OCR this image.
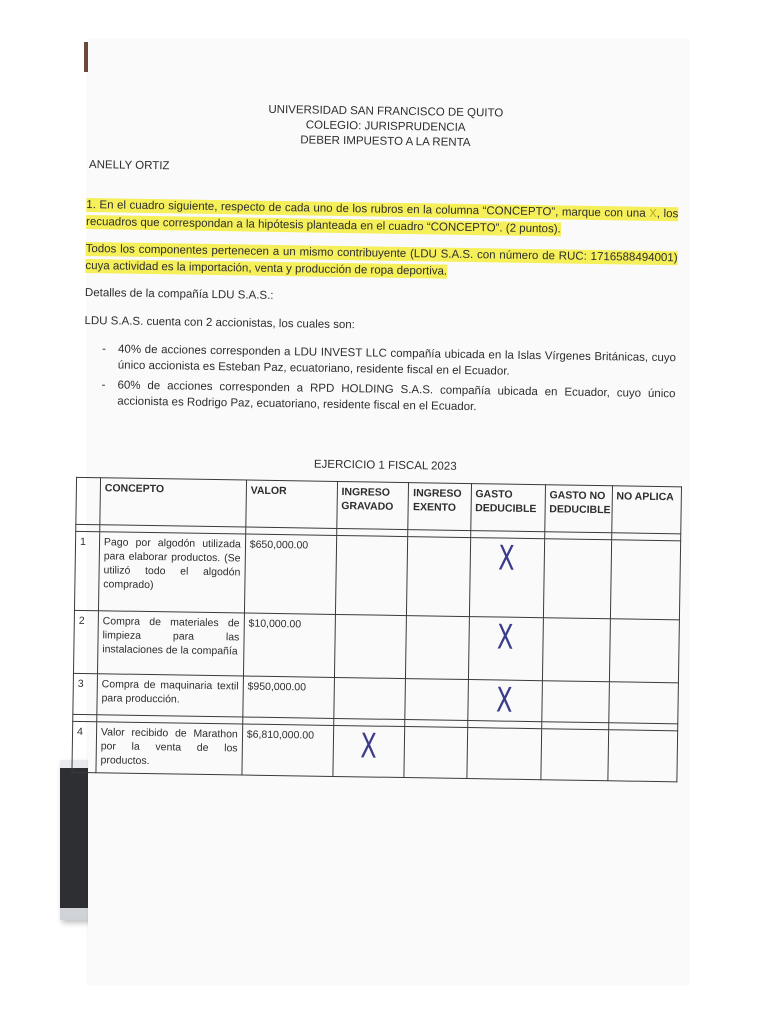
UNIVERSIDAD SAN FRANCISCO DE QUITO
COLEGIO: JURISPRUDENCIA
DEBER IMPUESTO A LA RENTA
ANELLY ORTIZ

1. En el cuadro siguiente, respecto de cada uno de los rubros en la columna “CONCEPTO”, marque con una X, los recuadros que correspondan a la hipótesis planteada en el cuadro “CONCEPTO”. (2 puntos).

Todos los componentes pertenecen a un mismo contribuyente (LDU S.A.S. con número de RUC: 1716588494001) cuya actividad es la importación, venta y producción de ropa deportiva.

Detalles de la compañía LDU S.A.S.:

LDU S.A.S. cuenta con 2 accionistas, los cuales son:

- 40% de acciones corresponden a LDU INVEST LLC compañía ubicada en la Islas Vírgenes Británicas, cuyo único accionista es Esteban Paz, ecuatoriano, residente fiscal en el Ecuador.
- 60% de acciones corresponden a RPD HOLDING S.A.S. compañía ubicada en Ecuador, cuyo único accionista es Rodrigo Paz, ecuatoriano, residente fiscal en el Ecuador.
EJERCICIO 1 FISCAL 2023
	CONCEPTO	VALOR	INGRESO GRAVADO	INGRESO EXENTO	GASTO DEDUCIBLE	GASTO NO DEDUCIBLE	NO APLICA

1	Pago por algodón utilizada para elaborar productos. (Se utilizó todo el algodón comprado)	$650,000.00			X		
2	Compra de materiales de limpieza para las instalaciones de la compañía	$10,000.00			X		
3	Compra de maquinaria textil para producción.	$950,000.00			X		

4	Valor recibido de Marathon por la venta de los productos.	$6,810,000.00	X				
